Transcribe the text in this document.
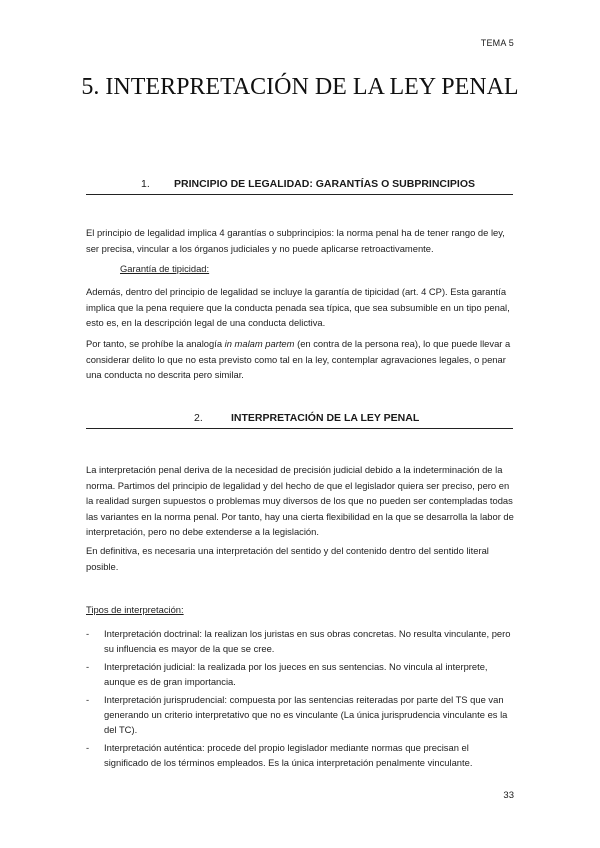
TEMA 5
5. INTERPRETACIÓN DE LA LEY PENAL
1. PRINCIPIO DE LEGALIDAD: GARANTÍAS O SUBPRINCIPIOS

El principio de legalidad implica 4 garantías o subprincipios: la norma penal ha de tener rango de ley, ser precisa, vincular a los órganos judiciales y no puede aplicarse retroactivamente.

Garantía de tipicidad:

Además, dentro del principio de legalidad se incluye la garantía de tipicidad (art. 4 CP). Esta garantía implica que la pena requiere que la conducta penada sea típica, que sea subsumible en un tipo penal, esto es, en la descripción legal de una conducta delictiva.

Por tanto, se prohíbe la analogía in malam partem (en contra de la persona rea), lo que puede llevar a considerar delito lo que no esta previsto como tal en la ley, contemplar agravaciones legales, o penar una conducta no descrita pero similar.

2.	INTERPRETACIÓN DE LA LEY PENAL

La interpretación penal deriva de la necesidad de precisión judicial debido a la indeterminación de la norma. Partimos del principio de legalidad y del hecho de que el legislador quiera ser preciso, pero en la realidad surgen supuestos o problemas muy diversos de los que no pueden ser contempladas todas las variantes en la norma penal. Por tanto, hay una cierta flexibilidad en la que se desarrolla la labor de interpretación, pero no debe extenderse a la legislación.

En definitiva, es necesaria una interpretación del sentido y del contenido dentro del sentido literal posible.

Tipos de interpretación:
- Interpretación doctrinal: la realizan los juristas en sus obras concretas. No resulta vinculante, pero su influencia es mayor de la que se cree.
- Interpretación judicial: la realizada por los jueces en sus sentencias. No vincula al interprete, aunque es de gran importancia.
- Interpretación jurisprudencial: compuesta por las sentencias reiteradas por parte del TS que van generando un criterio interpretativo que no es vinculante (La única jurisprudencia vinculante es la del TC).
- Interpretación auténtica: procede del propio legislador mediante normas que precisan el significado de los términos empleados. Es la única interpretación penalmente vinculante.
33
